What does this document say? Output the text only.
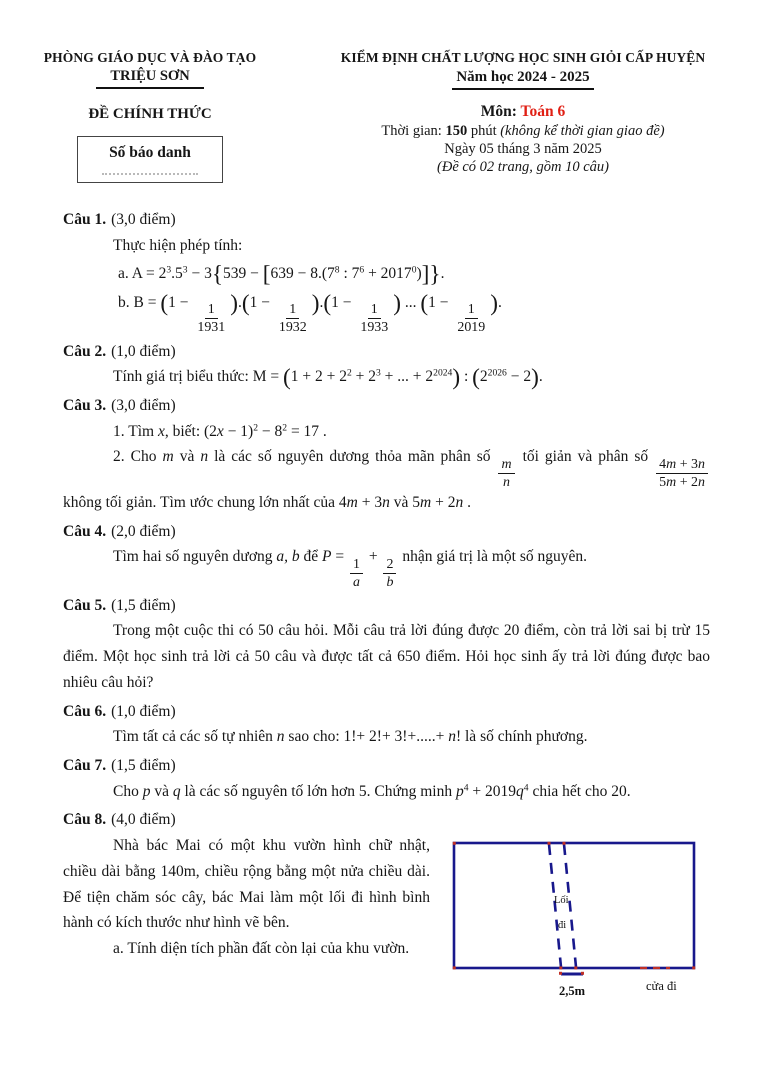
PHÒNG GIÁO DỤC VÀ ĐÀO TẠO
TRIỆU SƠN
ĐỀ CHÍNH THỨC
Số báo danh
KIỂM ĐỊNH CHẤT LƯỢNG HỌC SINH GIỎI CẤP HUYỆN
Năm học 2024 - 2025
Môn: Toán 6
Thời gian: 150 phút (không kể thời gian giao đề)
Ngày 05 tháng 3 năm 2025
(Đề có 02 trang, gồm 10 câu)
Câu 1. (3,0 điểm)

Thực hiện phép tính:

a. $A = 2^3.5^3 - 3\{539 - [639 - 8.(7^8$ : $7^6 + 2017^0$)]}.

b. $B = (1 - \frac{1}{1931} ).(1 - \frac{1}{1932} ).(1 - \frac{1}{1933}$ ) ... ($1 - \frac{1}{2019}$ ).

Câu 2. (1,0 điểm)

Tính giá trị biểu thức: $M = (1 + 2 + 2^2 + 2^3$ + ... + $2^{2024}$) : $(2^{2026} - 2)$.

Câu 3. (3,0 điểm)

1. Tìm x, biết: $(2x - 1)^2 - 8^2 = 17$ .

2. Cho m và n là các số nguyên dương thỏa mãn phân số $\frac{m}{n}$ tối giản và phân số $\frac{4m + 3n}{5m + 2n}$
không tối giản. Tìm ước chung lớn nhất của 4m + 3n và 5m + 2n .

Câu 4. (2,0 điểm)

Tìm hai số nguyên dương a, b để $P = \frac{1}{a} + \frac{2}{b}$ nhận giá trị là một số nguyên.

Câu 5. (1,5 điểm)

Trong một cuộc thi có 50 câu hỏi. Mỗi câu trả lời đúng được 20 điểm, còn trả lời sai bị trừ 15 điểm. Một học sinh trả lời cả 50 câu và được tất cả 650 điểm. Hỏi học sinh ấy trả lời đúng được bao nhiêu câu hỏi?

Câu 6. (1,0 điểm)

Tìm tất cả các số tự nhiên n sao cho: 1!+ 2!+ 3!+.....+ n! là số chính phương.

Câu 7. (1,5 điểm)

Cho p và q là các số nguyên tố lớn hơn 5. Chứng minh $p^4 + 2019q^4$ chia hết cho 20.

Câu 8. (4,0 điểm)
Lối
đi
2,5m	cửa đi

Nhà bác Mai có một khu vườn hình chữ nhật, chiều dài bằng 140m, chiều rộng bằng một nửa chiều dài. Để tiện chăm sóc cây, bác Mai làm một lối đi hình bình hành có kích thước như hình vẽ bên.

a. Tính diện tích phần đất còn lại của khu vườn.
